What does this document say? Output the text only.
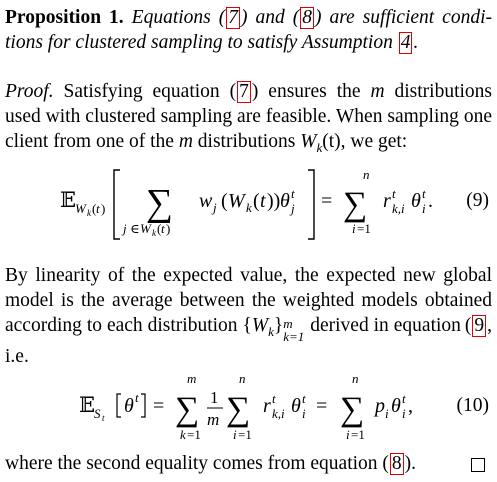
Proposition 1. Equations ( 7 ) and ( 8 ) are sufficient condi- tions for clustered sampling to satisfy Assumption 4 .

Proof. Satisfying equation ( 7 ) ensures the m distributions used with clustered sampling are feasible. When sampling one client from one of the m distributions $W_k(t)$, we get:

𝔼
W k ( t ) ∑
j ∈ W k ( t )
w j ( W k ( t )) θ t
j =
n
∑
i =1
r t
k,i θ t
i . (9)

By linearity of the expected value, the expected new global model is the average between the weighted models obtained according to each distribution $\{W_k\}$ m
k=1
derived in equation ( 9 , i.e.

𝔼
S t
θ t =
m
∑
k =1
1
m
n
∑
i =1
r t
k,i θ t
i =
n
∑
i =1
p i θ t
i , (10)

where the second equality comes from equation ( 8 ).
